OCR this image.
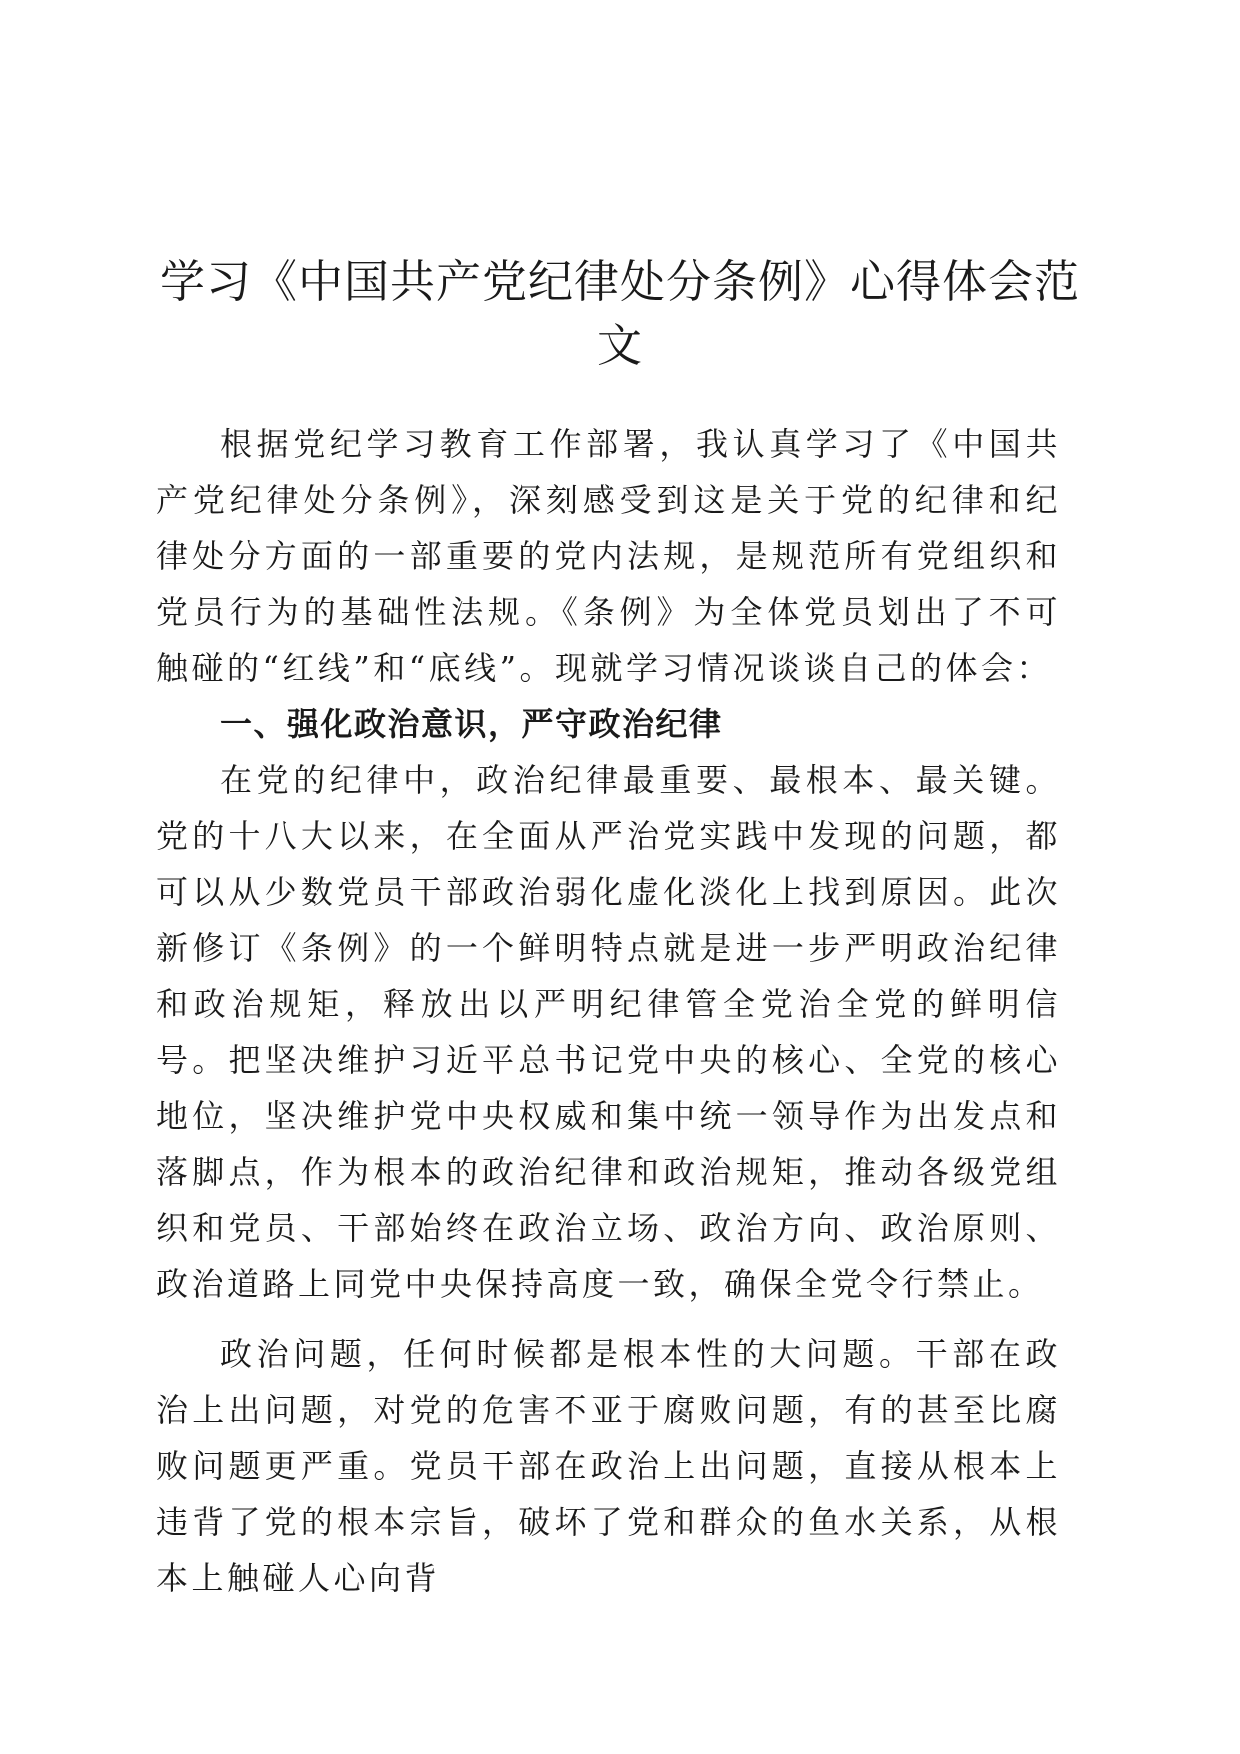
学习《中国共产党纪律处分条例》心得体会范文

根据党纪学习教育工作部署，我认真学习了《中国共产党纪律处分条例》，深刻感受到这是关于党的纪律和纪律处分方面的一部重要的党内法规，是规范所有党组织和党员行为的基础性法规。《条例》为全体党员划出了不可触碰的“红线”和“底线”。现就学习情况谈谈自己的体会：

一、强化政治意识，严守政治纪律

在党的纪律中，政治纪律最重要、最根本、最关键。党的十八大以来，在全面从严治党实践中发现的问题，都可以从少数党员干部政治弱化虚化淡化上找到原因。此次新修订《条例》的一个鲜明特点就是进一步严明政治纪律和政治规矩，释放出以严明纪律管全党治全党的鲜明信号。把坚决维护习近平总书记党中央的核心、全党的核心地位，坚决维护党中央权威和集中统一领导作为出发点和落脚点，作为根本的政治纪律和政治规矩，推动各级党组织和党员、干部始终在政治立场、政治方向、政治原则、政治道路上同党中央保持高度一致，确保全党令行禁止。

政治问题，任何时候都是根本性的大问题。干部在政治上出问题，对党的危害不亚于腐败问题，有的甚至比腐败问题更严重。党员干部在政治上出问题，直接从根本上违背了党的根本宗旨，破坏了党和群众的鱼水关系，从根本上触碰人心向背
